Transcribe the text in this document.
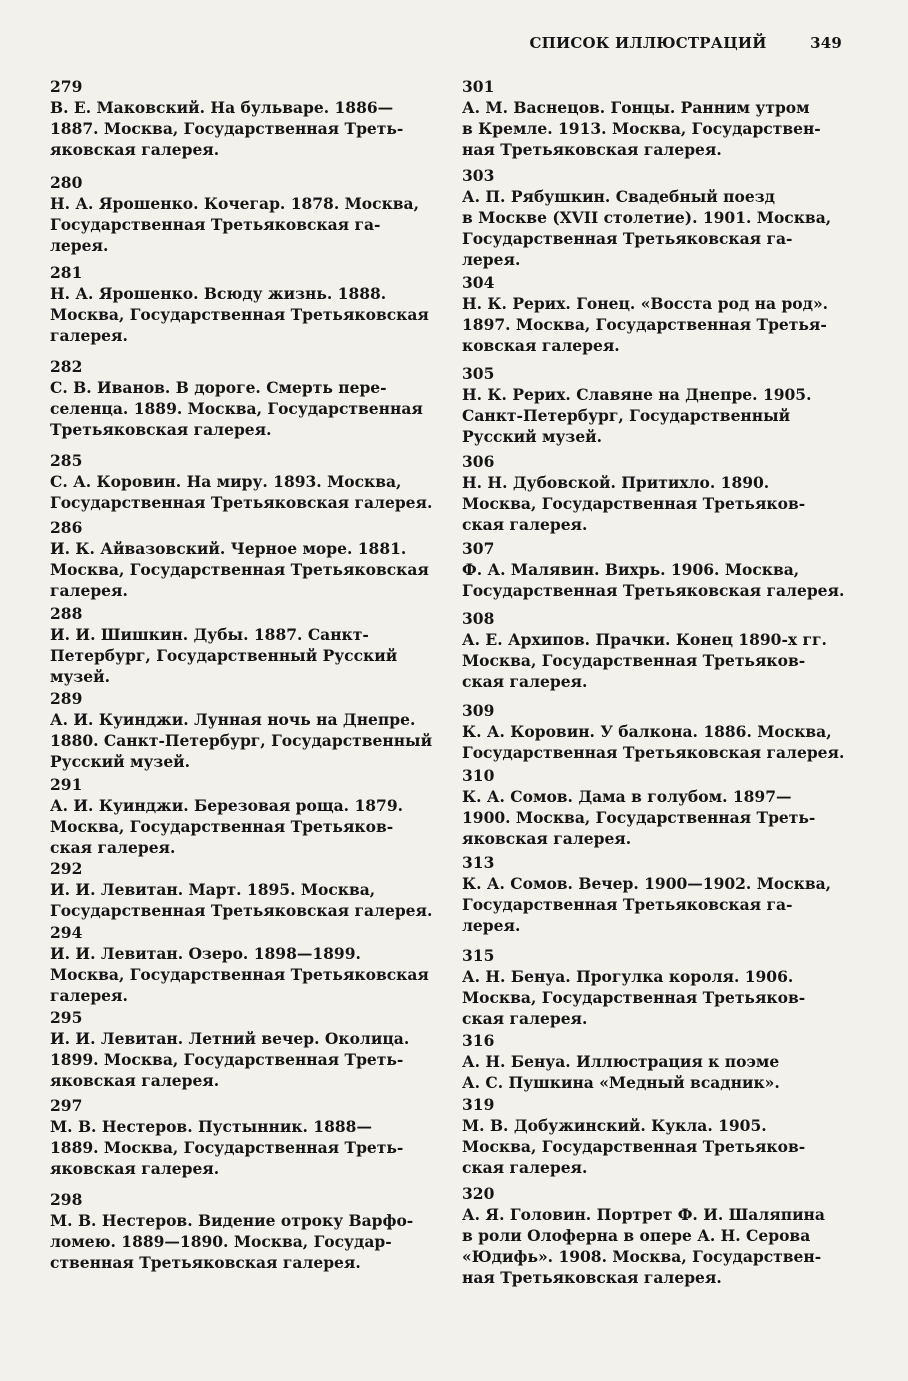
СПИСОК ИЛЛЮСТРАЦИЙ	349
279
В. Е. Маковский. На бульваре. 1886—
1887. Москва, Государственная Треть-
яковская галерея.
280
Н. А. Ярошенко. Кочегар. 1878. Москва,
Государственная Третьяковская га-
лерея.
281
Н. А. Ярошенко. Всюду жизнь. 1888.
Москва, Государственная Третьяковская
галерея.
282
С. В. Иванов. В дороге. Смерть пере-
селенца. 1889. Москва, Государственная
Третьяковская галерея.
285
С. А. Коровин. На миру. 1893. Москва,
Государственная Третьяковская галерея.
286
И. К. Айвазовский. Черное море. 1881.
Москва, Государственная Третьяковская
галерея.
288
И. И. Шишкин. Дубы. 1887. Санкт-
Петербург, Государственный Русский
музей.
289
А. И. Куинджи. Лунная ночь на Днепре.
1880. Санкт-Петербург, Государственный
Русский музей.
291
А. И. Куинджи. Березовая роща. 1879.
Москва, Государственная Третьяков-
ская галерея.
292
И. И. Левитан. Март. 1895. Москва,
Государственная Третьяковская галерея.
294
И. И. Левитан. Озеро. 1898—1899.
Москва, Государственная Третьяковская
галерея.
295
И. И. Левитан. Летний вечер. Околица.
1899. Москва, Государственная Треть-
яковская галерея.
297
М. В. Нестеров. Пустынник. 1888—
1889. Москва, Государственная Треть-
яковская галерея.
298
М. В. Нестеров. Видение отроку Варфо-
ломею. 1889—1890. Москва, Государ-
ственная Третьяковская галерея.
301
А. М. Васнецов. Гонцы. Ранним утром
в Кремле. 1913. Москва, Государствен-
ная Третьяковская галерея.
303
А. П. Рябушкин. Свадебный поезд
в Москве (XVII столетие). 1901. Москва,
Государственная Третьяковская га-
лерея.
304
Н. К. Рерих. Гонец. «Восста род на род».
1897. Москва, Государственная Третья-
ковская галерея.
305
Н. К. Рерих. Славяне на Днепре. 1905.
Санкт-Петербург, Государственный
Русский музей.
306
Н. Н. Дубовской. Притихло. 1890.
Москва, Государственная Третьяков-
ская галерея.
307
Ф. А. Малявин. Вихрь. 1906. Москва,
Государственная Третьяковская галерея.
308
А. Е. Архипов. Прачки. Конец 1890-х гг.
Москва, Государственная Третьяков-
ская галерея.
309
К. А. Коровин. У балкона. 1886. Москва,
Государственная Третьяковская галерея.
310
К. А. Сомов. Дама в голубом. 1897—
1900. Москва, Государственная Треть-
яковская галерея.
313
К. А. Сомов. Вечер. 1900—1902. Москва,
Государственная Третьяковская га-
лерея.
315
А. Н. Бенуа. Прогулка короля. 1906.
Москва, Государственная Третьяков-
ская галерея.
316
А. Н. Бенуа. Иллюстрация к поэме
А. С. Пушкина «Медный всадник».
319
М. В. Добужинский. Кукла. 1905.
Москва, Государственная Третьяков-
ская галерея.
320
А. Я. Головин. Портрет Ф. И. Шаляпина
в роли Олоферна в опере А. Н. Серова
«Юдифь». 1908. Москва, Государствен-
ная Третьяковская галерея.
